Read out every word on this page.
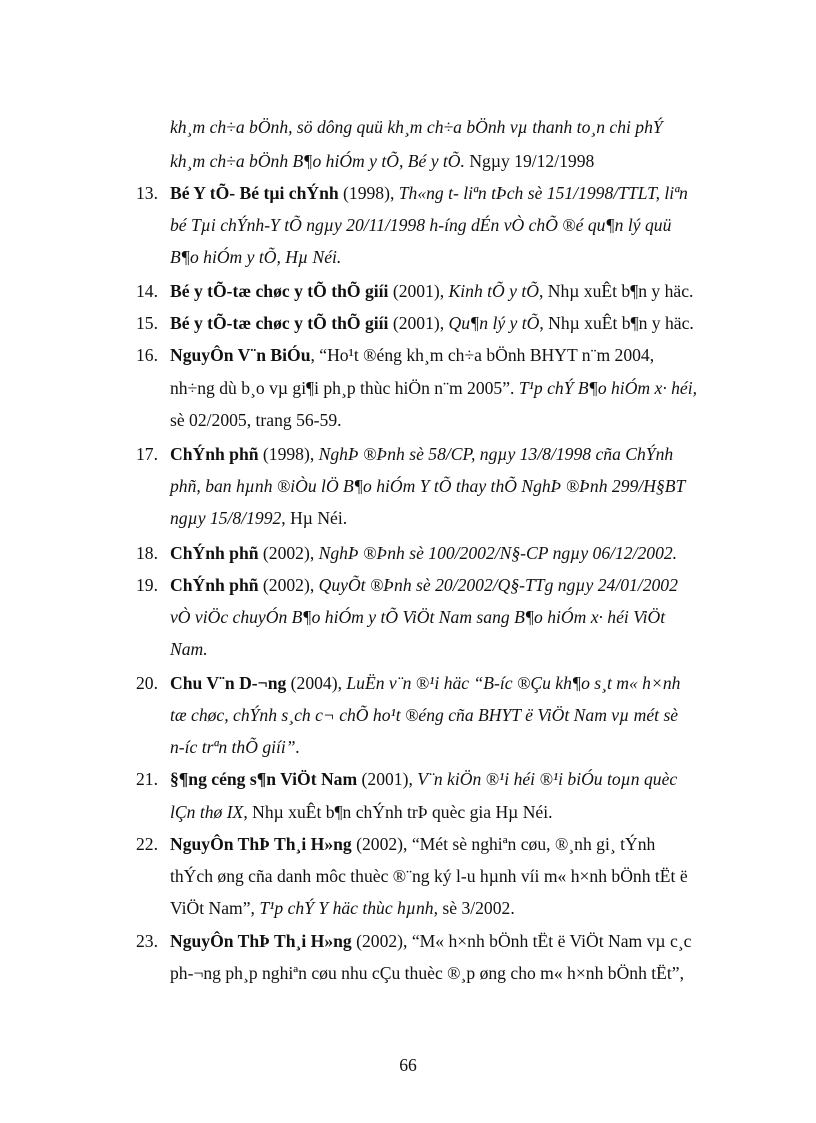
kh¸m ch÷a bÖnh, sö dông quü kh¸m ch÷a bÖnh vµ thanh to¸n chi phÝ
kh¸m ch÷a bÖnh B¶o hiÓm y tÕ, Bé y tÕ. Ngµy 19/12/1998
13. Bé Y tÕ- Bé tµi chÝnh (1998), Th«ng t- liªn tÞch sè 151/1998/TTLT, liªn
bé Tµi chÝnh-Y tÕ ngµy 20/11/1998 h-íng dÉn vÒ chÕ ®é qu¶n lý quü
B¶o hiÓm y tÕ, Hµ Néi.
14. Bé y tÕ-tæ chøc y tÕ thÕ giíi (2001), Kinh tÕ y tÕ, Nhµ xuÊt b¶n y häc.
15. Bé y tÕ-tæ chøc y tÕ thÕ giíi (2001), Qu¶n lý y tÕ, Nhµ xuÊt b¶n y häc.
16. NguyÔn V¨n BiÓu, “Ho¹t ®éng kh¸m ch÷a bÖnh BHYT n¨m 2004,
nh÷ng dù b¸o vµ gi¶i ph¸p thùc hiÖn n¨m 2005”. T¹p chÝ B¶o hiÓm x· héi,
sè 02/2005, trang 56-59.
17. ChÝnh phñ (1998), NghÞ ®Þnh sè 58/CP, ngµy 13/8/1998 cña ChÝnh
phñ, ban hµnh ®iÒu lÖ B¶o hiÓm Y tÕ thay thÕ NghÞ ®Þnh 299/H§BT
ngµy 15/8/1992, Hµ Néi.
18. ChÝnh phñ (2002), NghÞ ®Þnh sè 100/2002/N§-CP ngµy 06/12/2002.
19. ChÝnh phñ (2002), QuyÕt ®Þnh sè 20/2002/Q§-TTg ngµy 24/01/2002
vÒ viÖc chuyÓn B¶o hiÓm y tÕ ViÖt Nam sang B¶o hiÓm x· héi ViÖt
Nam.
20. Chu V¨n D-¬ng (2004), LuËn v¨n ®¹i häc “B-íc ®Çu kh¶o s¸t m« h×nh
tæ chøc, chÝnh s¸ch c¬ chÕ ho¹t ®éng cña BHYT ë ViÖt Nam vµ mét sè
n-íc trªn thÕ giíi”.
21. §¶ng céng s¶n ViÖt Nam (2001), V¨n kiÖn ®¹i héi ®¹i biÓu toµn quèc
lÇn thø IX, Nhµ xuÊt b¶n chÝnh trÞ quèc gia Hµ Néi.
22. NguyÔn ThÞ Th¸i H»ng (2002), “Mét sè nghiªn cøu, ®¸nh gi¸ tÝnh
thÝch øng cña danh môc thuèc ®¨ng ký l-u hµnh víi m« h×nh bÖnh tËt ë
ViÖt Nam”, T¹p chÝ Y häc thùc hµnh, sè 3/2002.
23. NguyÔn ThÞ Th¸i H»ng (2002), “M« h×nh bÖnh tËt ë ViÖt Nam vµ c¸c
ph-¬ng ph¸p nghiªn cøu nhu cÇu thuèc ®¸p øng cho m« h×nh bÖnh tËt”,
66
